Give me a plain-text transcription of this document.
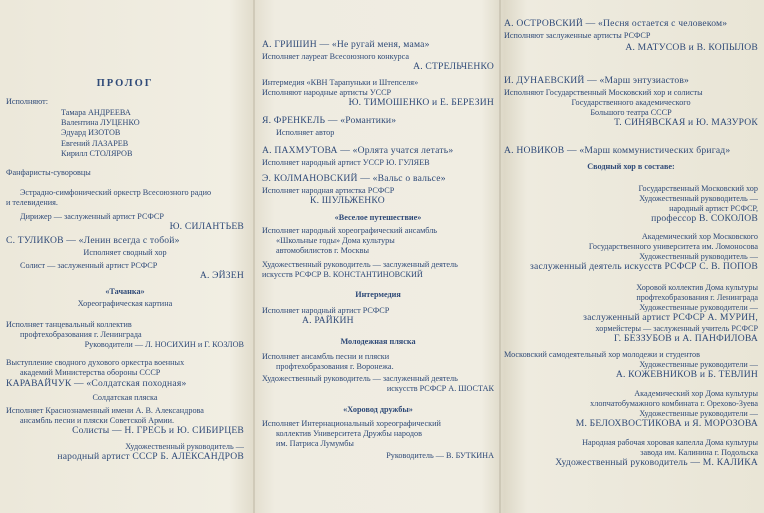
ПРОЛОГ
Исполняют:
Тамара АНДРЕЕВА
Валентина ЛУЦЕНКО
Эдуард ИЗОТОВ
Евгений ЛАЗАРЕВ
Кирилл СТОЛЯРОВ
Фанфаристы-суворовцы
Эстрадно-симфонический оркестр Всесоюзного радио
и телевидения.
Дирижер — заслуженный артист РСФСР
Ю. СИЛАНТЬЕВ
С. ТУЛИКОВ — «Ленин всегда с тобой»
Исполняет сводный хор
Солист — заслуженный артист РСФСР
А. ЭЙЗЕН
«Тачанка»
Хореографическая картина
Исполняет танцевальный коллектив
профтехобразования г. Ленинграда
Руководители — Л. НОСИХИН и Г. КОЗЛОВ
Выступление сводного духового оркестра военных
академий Министерства обороны СССР
КАРАВАЙЧУК — «Солдатская походная»
Солдатская пляска
Исполняет Краснознаменный имени А. В. Александрова
ансамбль песни и пляски Советской Армии.
Солисты — Н. ГРЕСЬ и Ю. СИБИРЦЕВ
Художественный руководитель —
народный артист СССР Б. АЛЕКСАНДРОВ
А. ГРИШИН — «Не ругай меня, мама»
Исполняет лауреат Всесоюзного конкурса
А. СТРЕЛЬЧЕНКО
Интермедия «КВН Тарапуньки и Штепселя»
Исполняют народные артисты УССР
Ю. ТИМОШЕНКО и Е. БЕРЕЗИН
Я. ФРЕНКЕЛЬ — «Романтики»
Исполняет автор
А. ПАХМУТОВА — «Орлята учатся летать»
Исполняет народный артист УССР Ю. ГУЛЯЕВ
Э. КОЛМАНОВСКИЙ — «Вальс о вальсе»
Исполняет народная артистка РСФСР
К. ШУЛЬЖЕНКО
«Веселое путешествие»
Исполняет народный хореографический ансамбль
«Школьные годы» Дома культуры
автомобилистов г. Москвы
Художественный руководитель — заслуженный деятель
искусств РСФСР В. КОНСТАНТИНОВСКИЙ
Интермедия
Исполняет народный артист РСФСР
А. РАЙКИН
Молодежная пляска
Исполняет ансамбль песни и пляски
профтехобразования г. Воронежа.
Художественный руководитель — заслуженный деятель
искусств РСФСР А. ШОСТАК
«Хоровод дружбы»
Исполняет Интернациональный хореографический
коллектив Университета Дружбы народов
им. Патриса Лумумбы
Руководитель — В. БУТКИНА
А. ОСТРОВСКИЙ — «Песня остается с человеком»
Исполняют заслуженные артисты РСФСР
А. МАТУСОВ и В. КОПЫЛОВ
И. ДУНАЕВСКИЙ — «Марш энтузиастов»
Исполняют Государственный Московский хор и солисты
Государственного академического
Большого театра СССР
Т. СИНЯВСКАЯ и Ю. МАЗУРОК
А. НОВИКОВ — «Марш коммунистических бригад»
Сводный хор в составе:
Государственный Московский хор
Художественный руководитель —
народный артист РСФСР,
профессор В. СОКОЛОВ
Академический хор Московского
Государственного университета им. Ломоносова
Художественный руководитель —
заслуженный деятель искусств РСФСР С. В. ПОПОВ
Хоровой коллектив Дома культуры
профтехобразования г. Ленинграда
Художественные руководители —
заслуженный артист РСФСР А. МУРИН,
хормейстеры — заслуженный учитель РСФСР
Г. БЕЗЗУБОВ и А. ПАНФИЛОВА
Московский самодеятельный хор молодежи и студентов
Художественные руководители —
А. КОЖЕВНИКОВ и Б. ТЕВЛИН
Академический хор Дома культуры
хлопчатобумажного комбината г. Орехово-Зуева
Художественные руководители —
М. БЕЛОХВОСТИКОВА и Я. МОРОЗОВА
Народная рабочая хоровая капелла Дома культуры
завода им. Калинина г. Подольска
Художественный руководитель — М. КАЛИКА
